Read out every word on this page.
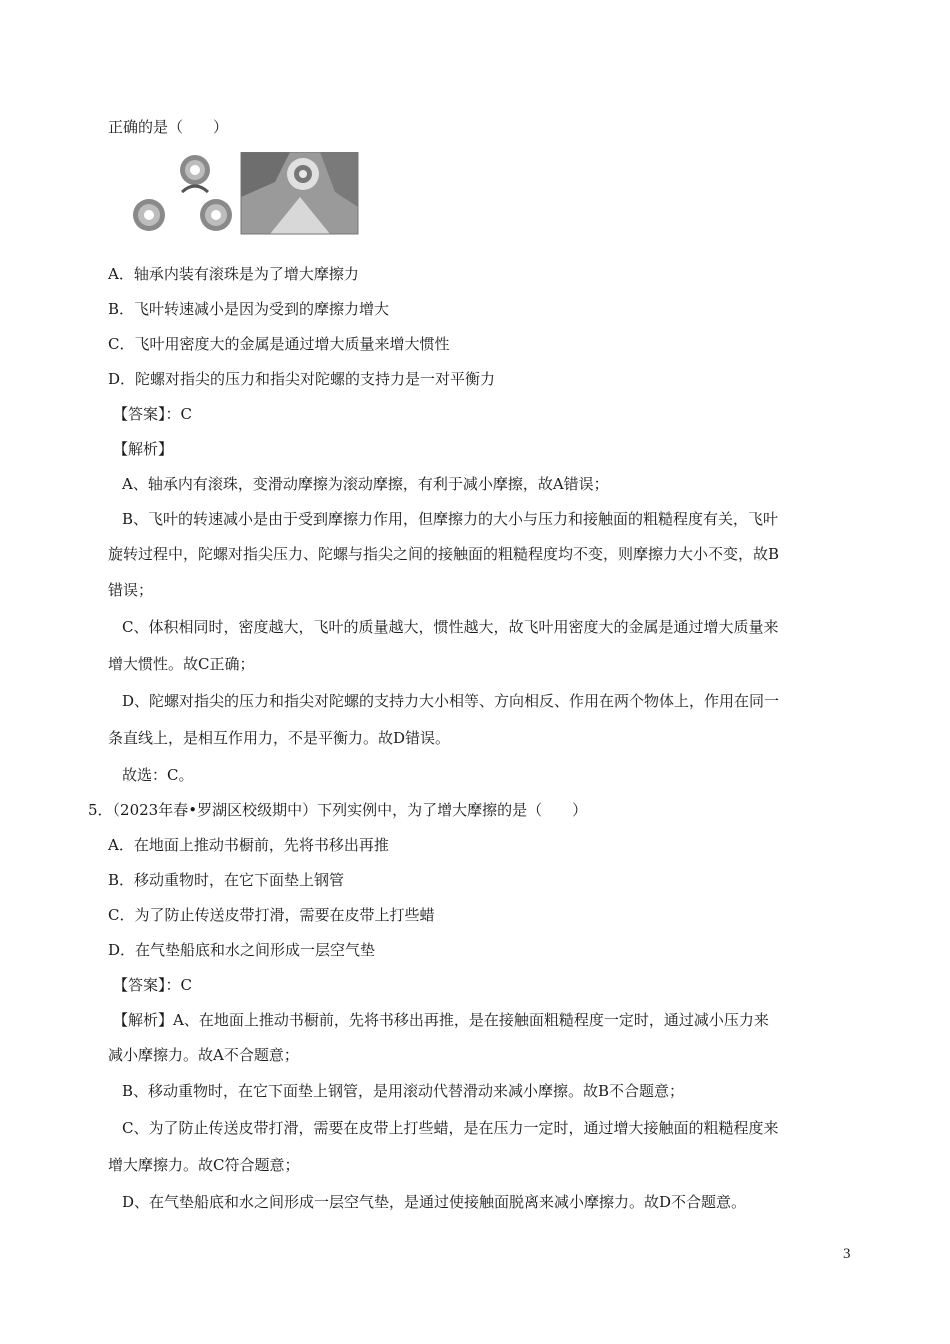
正确的是（　　）
A．轴承内装有滚珠是为了增大摩擦力
B．飞叶转速减小是因为受到的摩擦力增大
C．飞叶用密度大的金属是通过增大质量来增大惯性
D．陀螺对指尖的压力和指尖对陀螺的支持力是一对平衡力
【答案】：C
【解析】
A、轴承内有滚珠，变滑动摩擦为滚动摩擦，有利于减小摩擦，故A错误；
B、飞叶的转速减小是由于受到摩擦力作用，但摩擦力的大小与压力和接触面的粗糙程度有关，飞叶
旋转过程中，陀螺对指尖压力、陀螺与指尖之间的接触面的粗糙程度均不变，则摩擦力大小不变，故B
错误；
C、体积相同时，密度越大，飞叶的质量越大，惯性越大，故飞叶用密度大的金属是通过增大质量来
增大惯性。故C正确；
D、陀螺对指尖的压力和指尖对陀螺的支持力大小相等、方向相反、作用在两个物体上，作用在同一
条直线上，是相互作用力，不是平衡力。故D错误。
故选：C。
5．（2023年春•罗湖区校级期中）下列实例中，为了增大摩擦的是（　　）
A．在地面上推动书橱前，先将书移出再推
B．移动重物时，在它下面垫上钢管
C．为了防止传送皮带打滑，需要在皮带上打些蜡
D．在气垫船底和水之间形成一层空气垫
【答案】：C
【解析】A、在地面上推动书橱前，先将书移出再推，是在接触面粗糙程度一定时，通过减小压力来
减小摩擦力。故A不合题意；
B、移动重物时，在它下面垫上钢管，是用滚动代替滑动来减小摩擦。故B不合题意；
C、为了防止传送皮带打滑，需要在皮带上打些蜡，是在压力一定时，通过增大接触面的粗糙程度来
增大摩擦力。故C符合题意；
D、在气垫船底和水之间形成一层空气垫，是通过使接触面脱离来减小摩擦力。故D不合题意。
3
